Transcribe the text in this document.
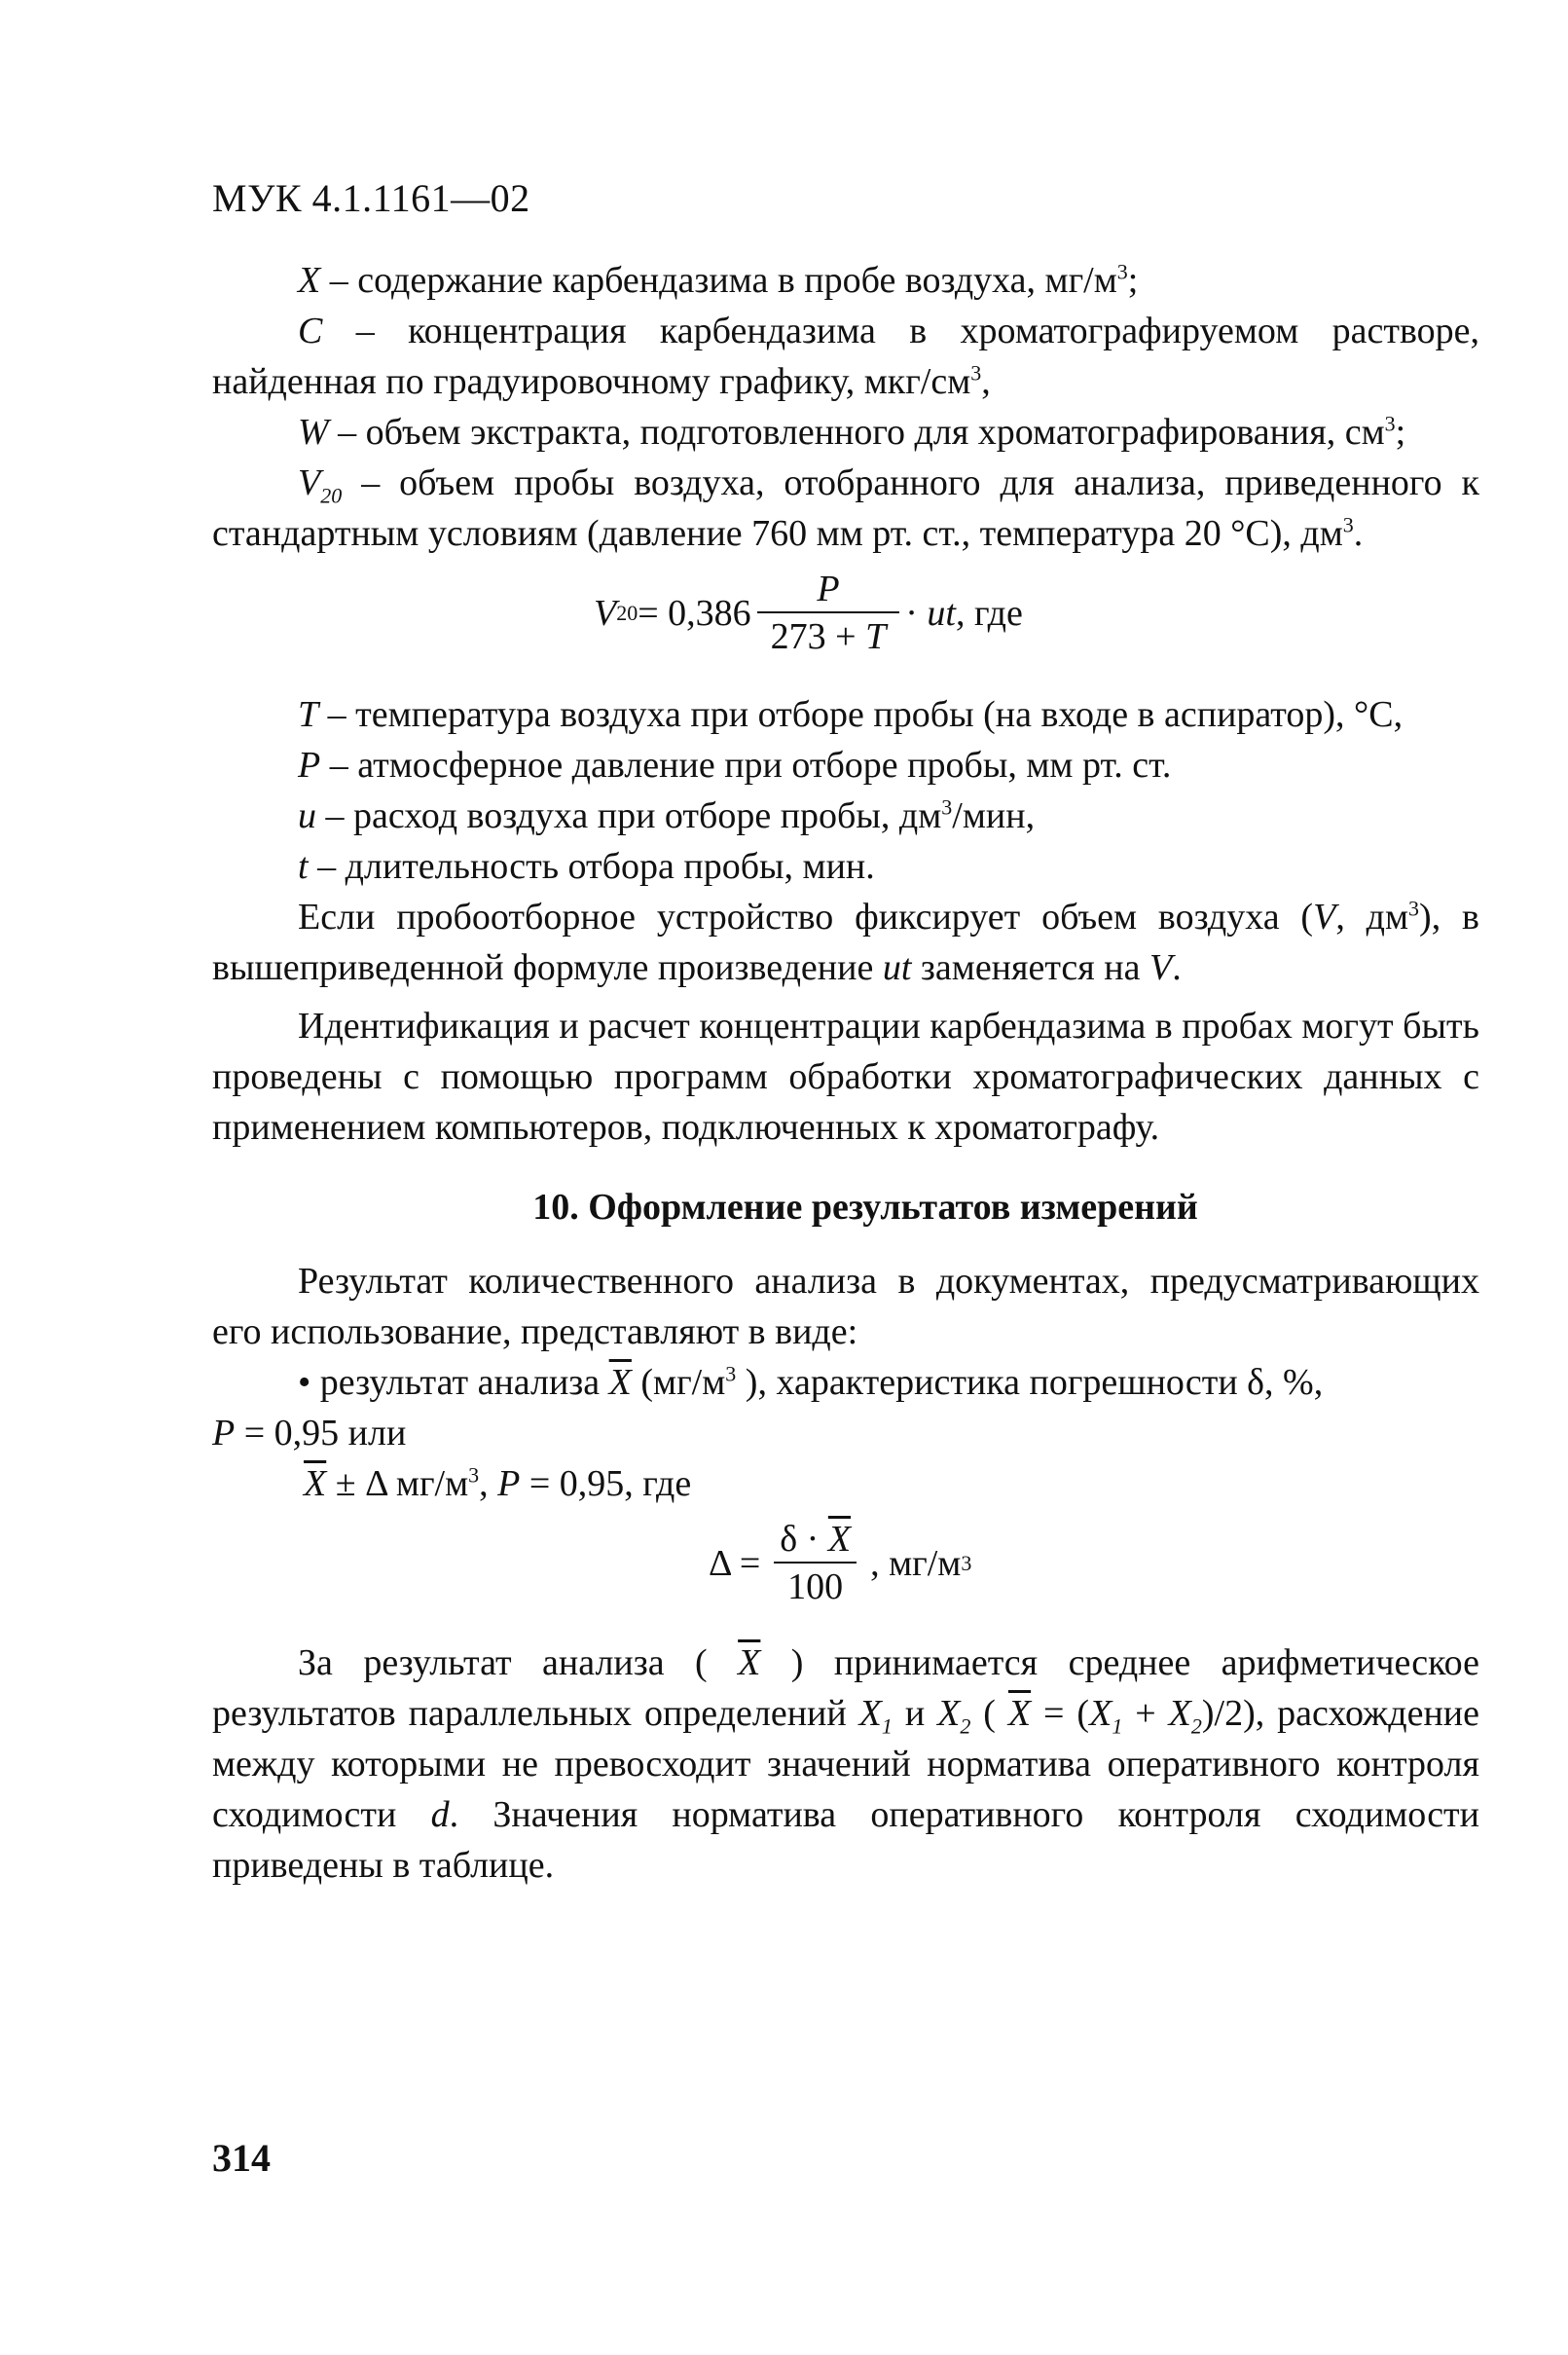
МУК 4.1.1161—02

X – содержание карбендазима в пробе воздуха, $мг/м^3$;

C – концентрация карбендазима в хроматографируемом растворе, найденная по градуировочному графику, мкг/$см^3$,

W – объем экстракта, подготовленного для хроматографирования, $см^3$;

$V_{20}$ – объем пробы воздуха, отобранного для анализа, приведенного к стандартным условиям (давление 760 мм рт. ст., температура 20 °C), $дм^3$.

V $20 = 0,386 \frac{P}{273 + T}$ ·
ut , где

T – температура воздуха при отборе пробы (на входе в аспиратор), °С,

P – атмосферное давление при отборе пробы, мм рт. ст.

u – расход воздуха при отборе пробы, $дм^3$/мин,

t – длительность отбора пробы, мин.

Если пробоотборное устройство фиксирует объем воздуха (V, $дм^3$), в вышеприведенной формуле произведение ut заменяется на V.

Идентификация и расчет концентрации карбендазима в пробах могут быть проведены с помощью программ обработки хроматографических данных с применением компьютеров, подключенных к хроматографу.

10. Оформление результатов измерений

Результат количественного анализа в документах, предусматривающих его использование, представляют в виде:

• результат анализа $\overline{X}$ ($мг/м^3$ ), характеристика погрешности δ, %,
P = 0,95 или

$\overline{X} \pm \Delta$ $мг/м^3$, P = 0,95, где

$\Delta = \frac{\delta \cdot \overline{X}}{100}$ , мг/м 3

За результат анализа ( $\overline{X}$ ) принимается среднее арифметическое результатов параллельных определений $X_1$ и $X_2$ ( $\overline{X} = (X_1 + X_2)/2$), расхождение между которыми не превосходит значений норматива оперативного контроля сходимости d. Значения норматива оперативного контроля сходимости приведены в таблице.

314
